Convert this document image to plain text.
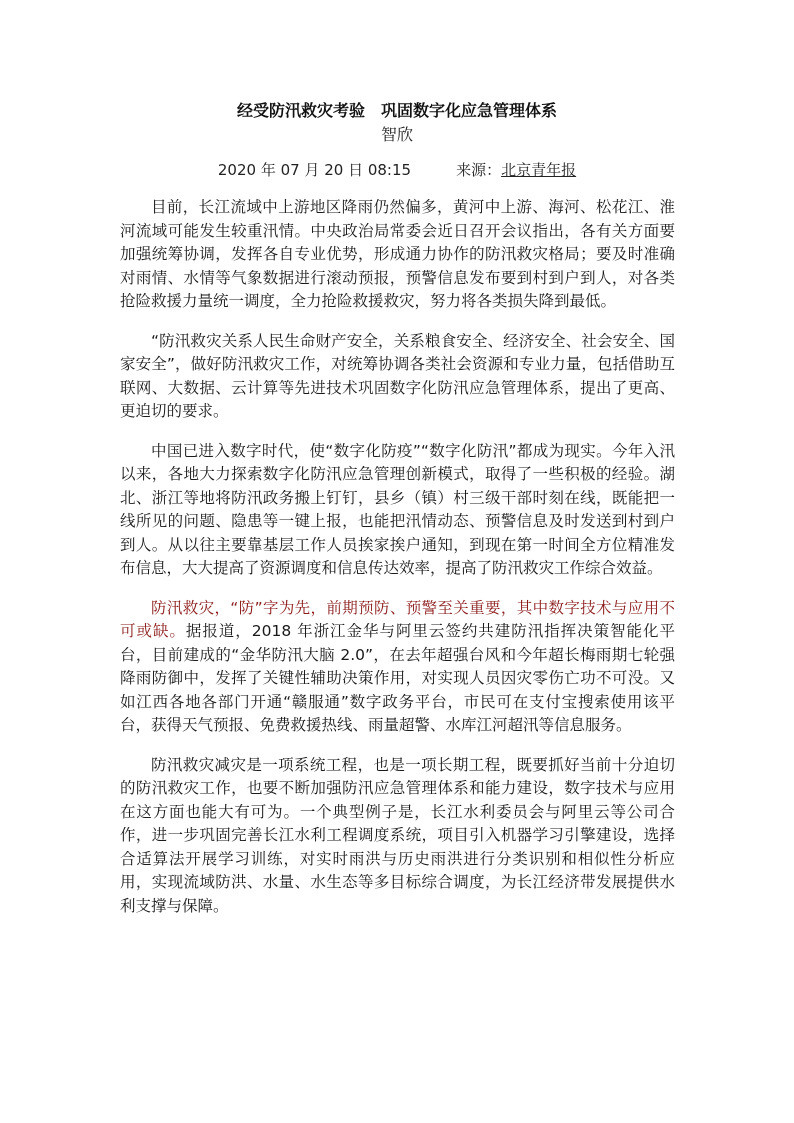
经受防汛救灾考验　巩固数字化应急管理体系
智欣
2020 年 07 月 20 日 08:15　　　	来源：北京青年报

目前，长江流域中上游地区降雨仍然偏多，黄河中上游、海河、松花江、淮河流域可能发生较重汛情。中央政治局常委会近日召开会议指出，各有关方面要加强统筹协调，发挥各自专业优势，形成通力协作的防汛救灾格局；要及时准确对雨情、水情等气象数据进行滚动预报，预警信息发布要到村到户到人，对各类抢险救援力量统一调度，全力抢险救援救灾，努力将各类损失降到最低。

“防汛救灾关系人民生命财产安全，关系粮食安全、经济安全、社会安全、国家安全”，做好防汛救灾工作，对统筹协调各类社会资源和专业力量，包括借助互联网、大数据、云计算等先进技术巩固数字化防汛应急管理体系，提出了更高、更迫切的要求。

中国已进入数字时代，使“数字化防疫”“数字化防汛”都成为现实。今年入汛以来，各地大力探索数字化防汛应急管理创新模式，取得了一些积极的经验。湖北、浙江等地将防汛政务搬上钉钉，县乡（镇）村三级干部时刻在线，既能把一线所见的问题、隐患等一键上报，也能把汛情动态、预警信息及时发送到村到户到人。从以往主要靠基层工作人员挨家挨户通知，到现在第一时间全方位精准发布信息，大大提高了资源调度和信息传达效率，提高了防汛救灾工作综合效益。

防汛救灾，“防”字为先，前期预防、预警至关重要，其中数字技术与应用不可或缺。据报道，2018 年浙江金华与阿里云签约共建防汛指挥决策智能化平台，目前建成的“金华防汛大脑 2.0”，在去年超强台风和今年超长梅雨期七轮强降雨防御中，发挥了关键性辅助决策作用，对实现人员因灾零伤亡功不可没。又如江西各地各部门开通“赣服通”数字政务平台，市民可在支付宝搜索使用该平台，获得天气预报、免费救援热线、雨量超警、水库江河超汛等信息服务。

防汛救灾减灾是一项系统工程，也是一项长期工程，既要抓好当前十分迫切的防汛救灾工作，也要不断加强防汛应急管理体系和能力建设，数字技术与应用在这方面也能大有可为。一个典型例子是，长江水利委员会与阿里云等公司合作，进一步巩固完善长江水利工程调度系统，项目引入机器学习引擎建设，选择合适算法开展学习训练，对实时雨洪与历史雨洪进行分类识别和相似性分析应用，实现流域防洪、水量、水生态等多目标综合调度，为长江经济带发展提供水利支撑与保障。
